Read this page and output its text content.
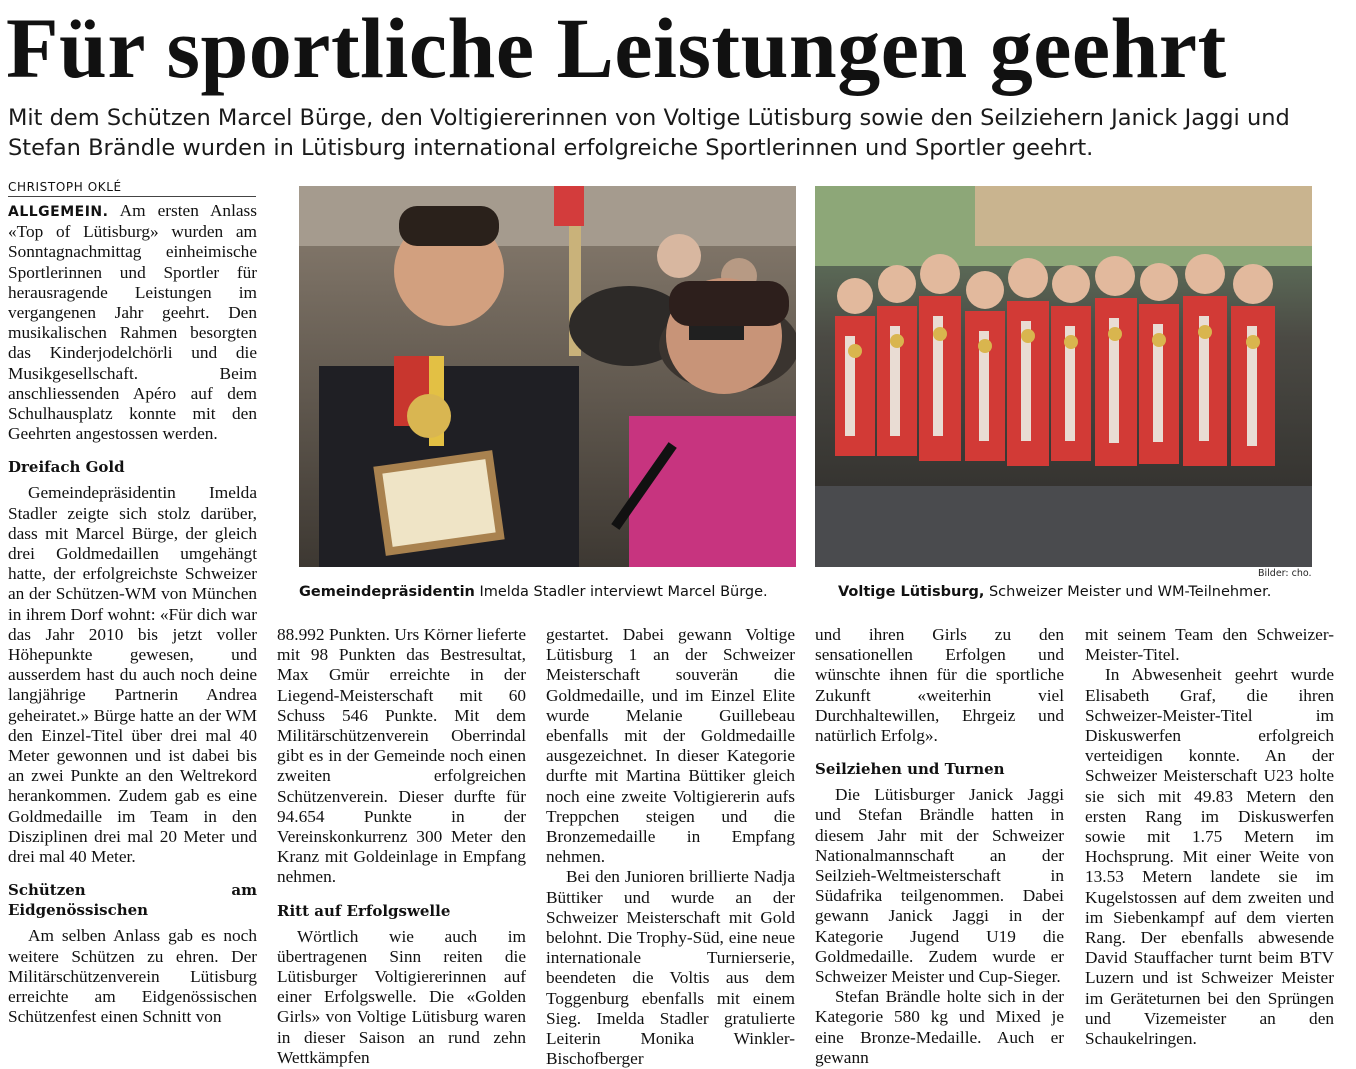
Für sportliche Leistungen geehrt
Mit dem Schützen Marcel Bürge, den Voltigiererinnen von Voltige Lütisburg sowie den Seilziehern Janick Jaggi und Stefan Brändle wurden in Lütisburg international erfolgreiche Sportlerinnen und Sportler geehrt.
CHRISTOPH OKLÉ

ALLGEMEIN. Am ersten Anlass «Top of Lütisburg» wurden am Sonntagnachmittag einheimische Sportlerinnen und Sportler für herausragende Leistungen im vergangenen Jahr geehrt. Den musikalischen Rahmen besorgten das Kinderjodelchörli und die Musikgesellschaft. Beim anschliessenden Apéro auf dem Schulhausplatz konnte mit den Geehrten angestossen werden.

Dreifach Gold

Gemeindepräsidentin Imelda Stadler zeigte sich stolz darüber, dass mit Marcel Bürge, der gleich drei Goldmedaillen umgehängt hatte, der erfolgreichste Schweizer an der Schützen-WM von München in ihrem Dorf wohnt: «Für dich war das Jahr 2010 bis jetzt voller Höhepunkte gewesen, und ausserdem hast du auch noch deine langjährige Partnerin Andrea geheiratet.» Bürge hatte an der WM den Einzel-Titel über drei mal 40 Meter gewonnen und ist dabei bis an zwei Punkte an den Weltrekord herankommen. Zudem gab es eine Goldmedaille im Team in den Disziplinen drei mal 20 Meter und drei mal 40 Meter.

Schützen am Eidgenössischen

Am selben Anlass gab es noch weitere Schützen zu ehren. Der Militärschützenverein Lütisburg erreichte am Eidgenössischen Schützenfest einen Schnitt von

Gemeindepräsidentin Imelda Stadler interviewt Marcel Bürge.	Voltige Lütisburg, Schweizer Meister und WM-Teilnehmer.
Bilder: cho.

88.992 Punkten. Urs Körner lieferte mit 98 Punkten das Bestresultat, Max Gmür erreichte in der Liegend-Meisterschaft mit 60 Schuss 546 Punkte. Mit dem Militärschützenverein Oberrindal gibt es in der Gemeinde noch einen zweiten erfolgreichen Schützenverein. Dieser durfte für 94.654 Punkte in der Vereinskonkurrenz 300 Meter den Kranz mit Goldeinlage in Empfang nehmen.

Ritt auf Erfolgswelle

Wörtlich wie auch im übertragenen Sinn reiten die Lütisburger Voltigiererinnen auf einer Erfolgswelle. Die «Golden Girls» von Voltige Lütisburg waren in dieser Saison an rund zehn Wettkämpfen

gestartet. Dabei gewann Voltige Lütisburg 1 an der Schweizer Meisterschaft souverän die Goldmedaille, und im Einzel Elite wurde Melanie Guillebeau ebenfalls mit der Goldmedaille ausgezeichnet. In dieser Kategorie durfte mit Martina Büttiker gleich noch eine zweite Voltigiererin aufs Treppchen steigen und die Bronzemedaille in Empfang nehmen.

Bei den Junioren brillierte Nadja Büttiker und wurde an der Schweizer Meisterschaft mit Gold belohnt. Die Trophy-Süd, eine neue internationale Turnierserie, beendeten die Voltis aus dem Toggenburg ebenfalls mit einem Sieg. Imelda Stadler gratulierte Leiterin Monika Winkler-Bischofberger

und ihren Girls zu den sensationellen Erfolgen und wünschte ihnen für die sportliche Zukunft «weiterhin viel Durchhaltewillen, Ehrgeiz und natürlich Erfolg».

Seilziehen und Turnen

Die Lütisburger Janick Jaggi und Stefan Brändle hatten in diesem Jahr mit der Schweizer Nationalmannschaft an der Seilzieh-Weltmeisterschaft in Südafrika teilgenommen. Dabei gewann Janick Jaggi in der Kategorie Jugend U19 die Goldmedaille. Zudem wurde er Schweizer Meister und Cup-Sieger.

Stefan Brändle holte sich in der Kategorie 580 kg und Mixed je eine Bronze-Medaille. Auch er gewann

mit seinem Team den Schweizer-Meister-Titel.

In Abwesenheit geehrt wurde Elisabeth Graf, die ihren Schweizer-Meister-Titel im Diskuswerfen erfolgreich verteidigen konnte. An der Schweizer Meisterschaft U23 holte sie sich mit 49.83 Metern den ersten Rang im Diskuswerfen sowie mit 1.75 Metern im Hochsprung. Mit einer Weite von 13.53 Metern landete sie im Kugelstossen auf dem zweiten und im Siebenkampf auf dem vierten Rang. Der ebenfalls abwesende David Stauffacher turnt beim BTV Luzern und ist Schweizer Meister im Geräteturnen bei den Sprüngen und Vizemeister an den Schaukelringen.
